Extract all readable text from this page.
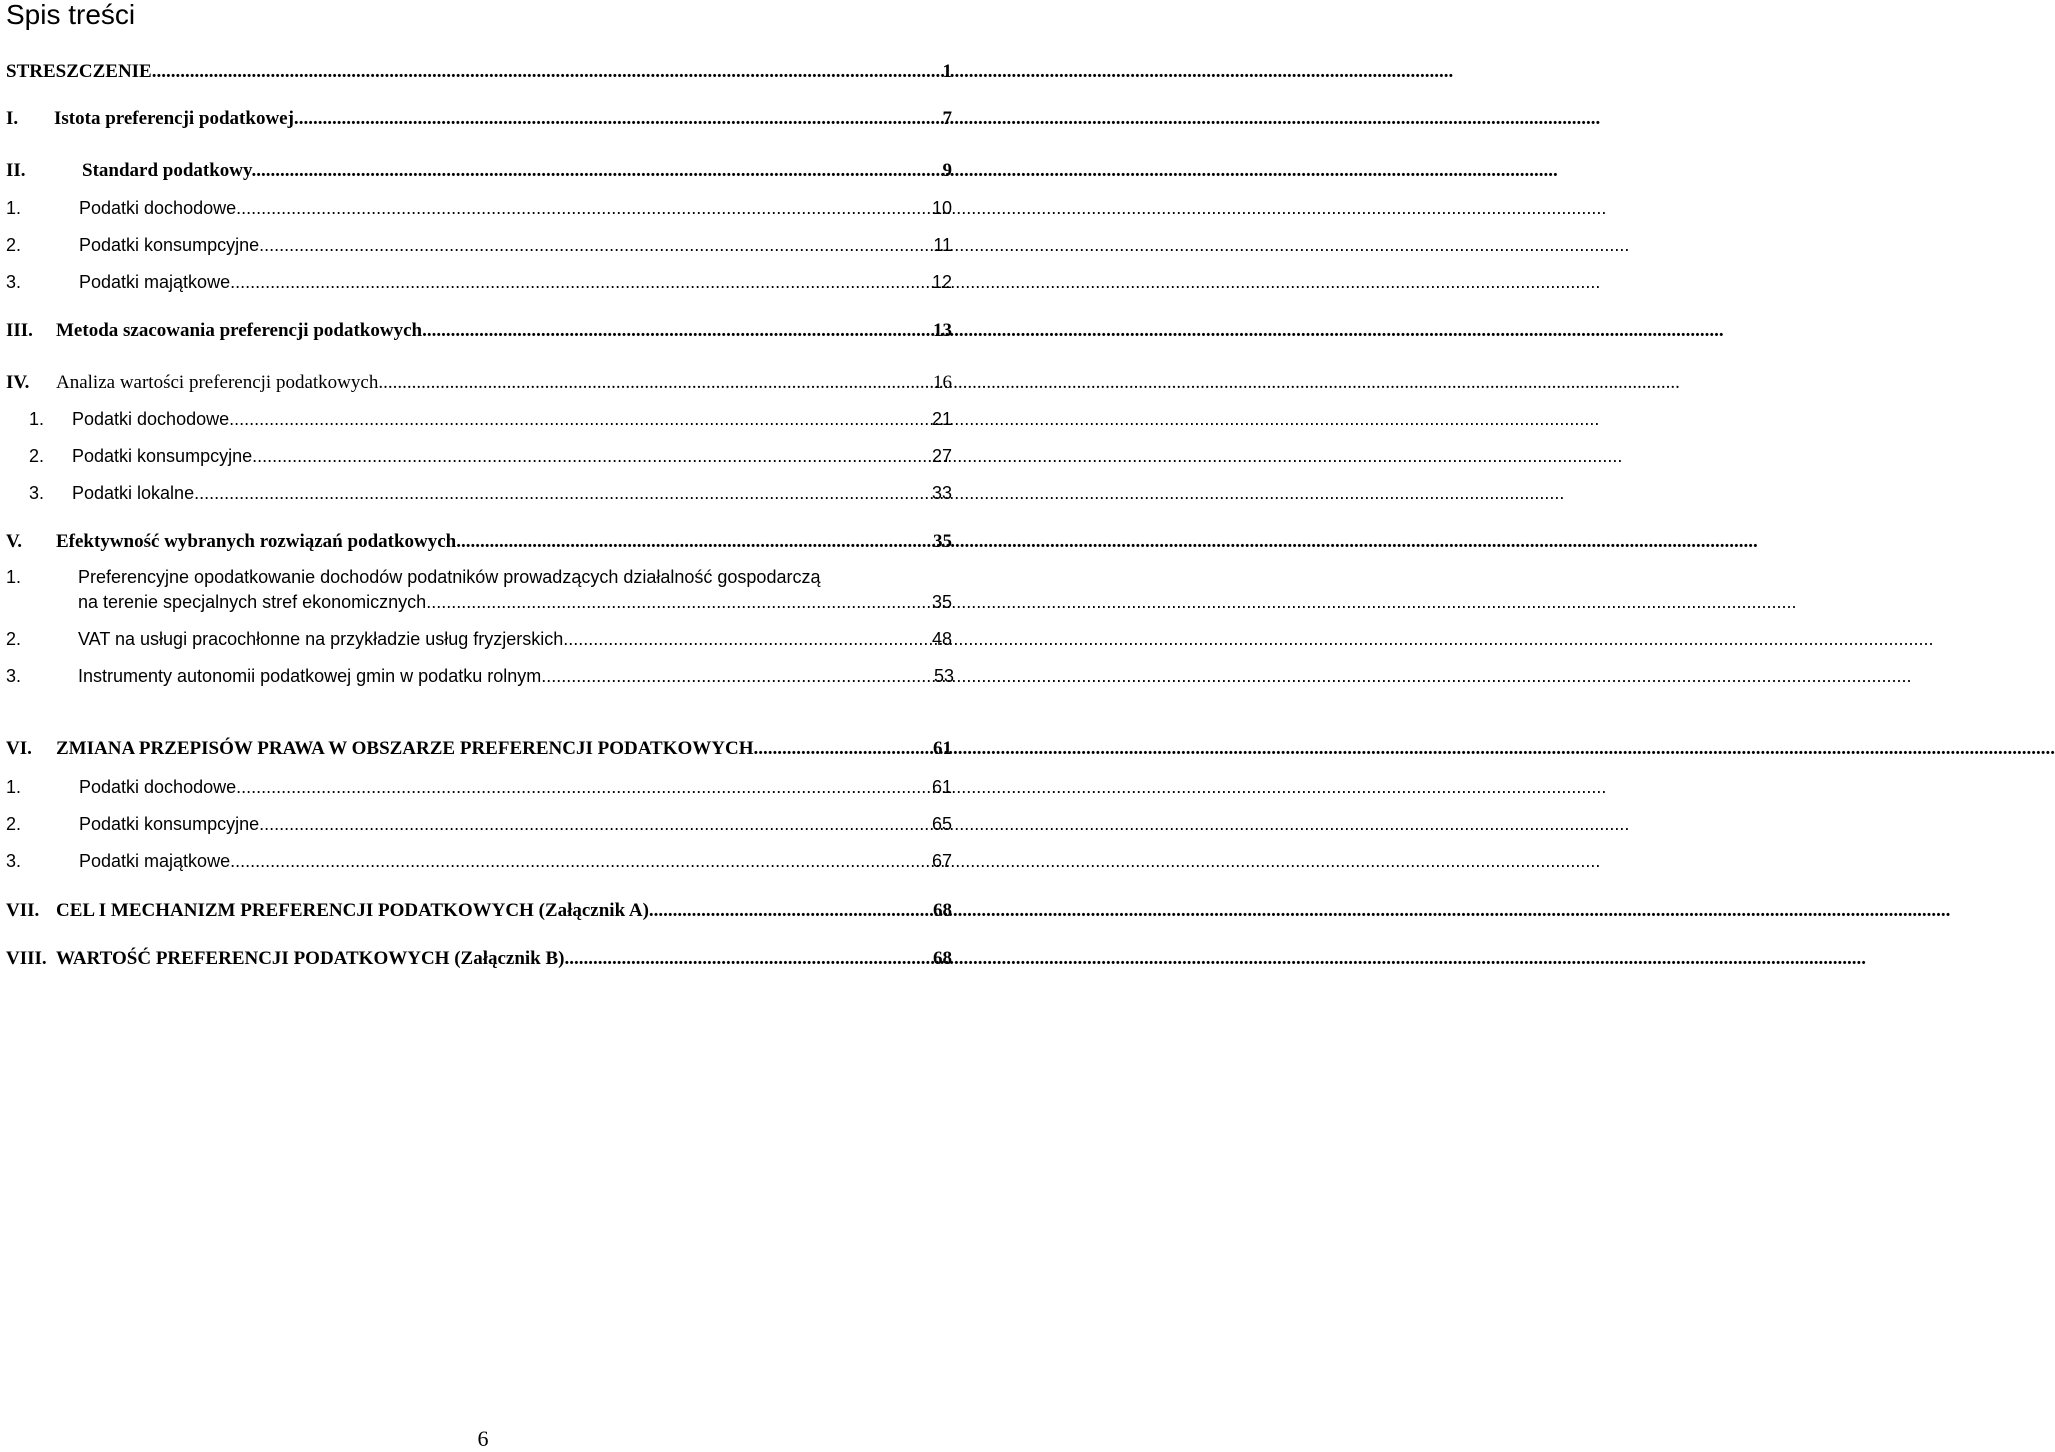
Spis treści
STRESZCZENIE .....	1
I.	Istota preferencji podatkowej. .....	7
II.	Standard podatkowy. .....	9
1.	Podatki dochodowe .....	10
2.	Podatki konsumpcyjne .....	11
3.	Podatki majątkowe .....	12
III.	Metoda szacowania preferencji podatkowych .....	13
IV.	Analiza wartości preferencji podatkowych .....	16
1.	Podatki dochodowe .....	21
2.	Podatki konsumpcyjne .....	27
3.	Podatki lokalne .....	33
V.	Efektywność wybranych rozwiązań podatkowych .....	35
1.	Preferencyjne opodatkowanie dochodów podatników prowadzących działalność gospodarczą
na terenie specjalnych stref ekonomicznych .....	35
2.	VAT na usługi pracochłonne na przykładzie usług fryzjerskich .....	48
3.	Instrumenty autonomii podatkowej gmin w podatku rolnym .....	53
VI.	ZMIANA PRZEPISÓW PRAWA W OBSZARZE PREFERENCJI PODATKOWYCH .....	61
1.	Podatki dochodowe .....	61
2.	Podatki konsumpcyjne .....	65
3.	Podatki majątkowe .....	67
VII. CEL I MECHANIZM PREFERENCJI PODATKOWYCH (Załącznik A) .....	68
VIII. WARTOŚĆ PREFERENCJI PODATKOWYCH (Załącznik B) .....	68
6
